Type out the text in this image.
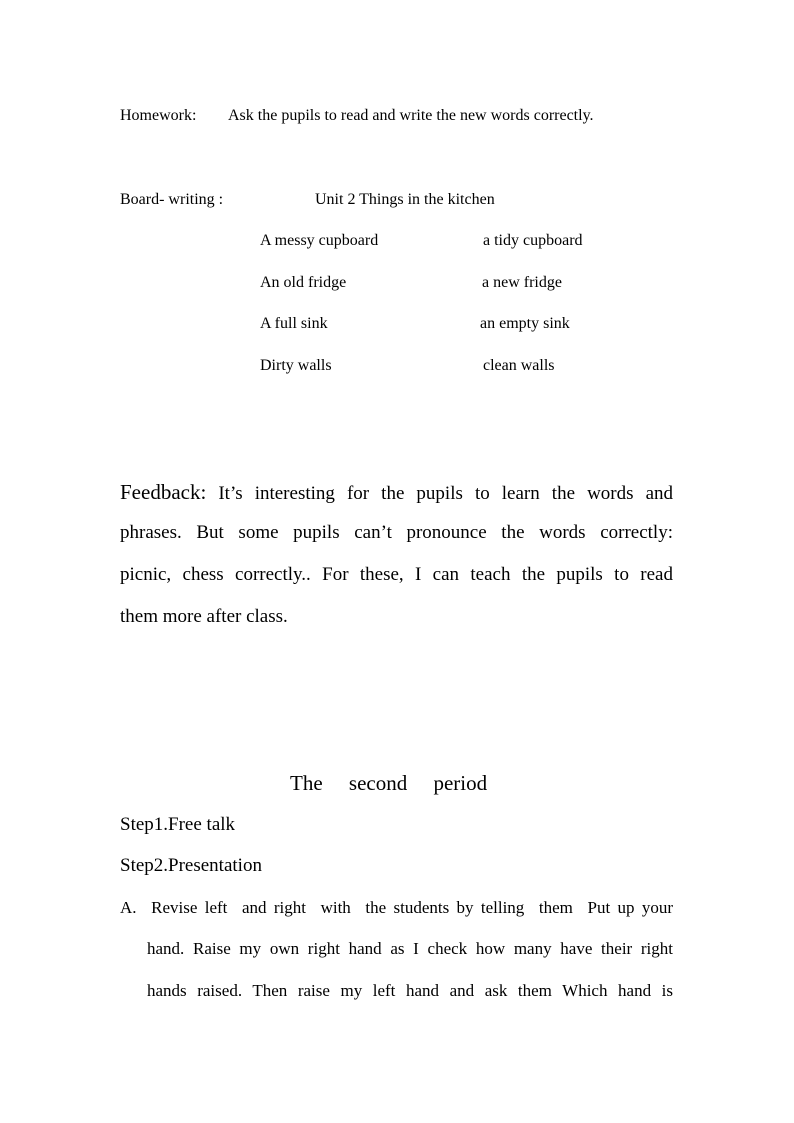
Homework: Ask the pupils to read and write the new words correctly.
Board- writing :	Unit 2 Things in the kitchen
A messy cupboard	a tidy cupboard
An old fridge	a new fridge
A full sink	an empty sink
Dirty walls	clean walls
Feedback: It’s interesting for the pupils to learn the words and
phrases. But some pupils can’t pronounce the words correctly:
picnic, chess correctly.. For these, I can teach the pupils to read
them more after class.
The     second     period
Step1.Free talk
Step2.Presentation
A.  Revise left  and right  with  the students by telling  them  Put up your
hand. Raise my own right hand as I check how many have their right
hands raised. Then raise my left hand and ask them Which hand is
